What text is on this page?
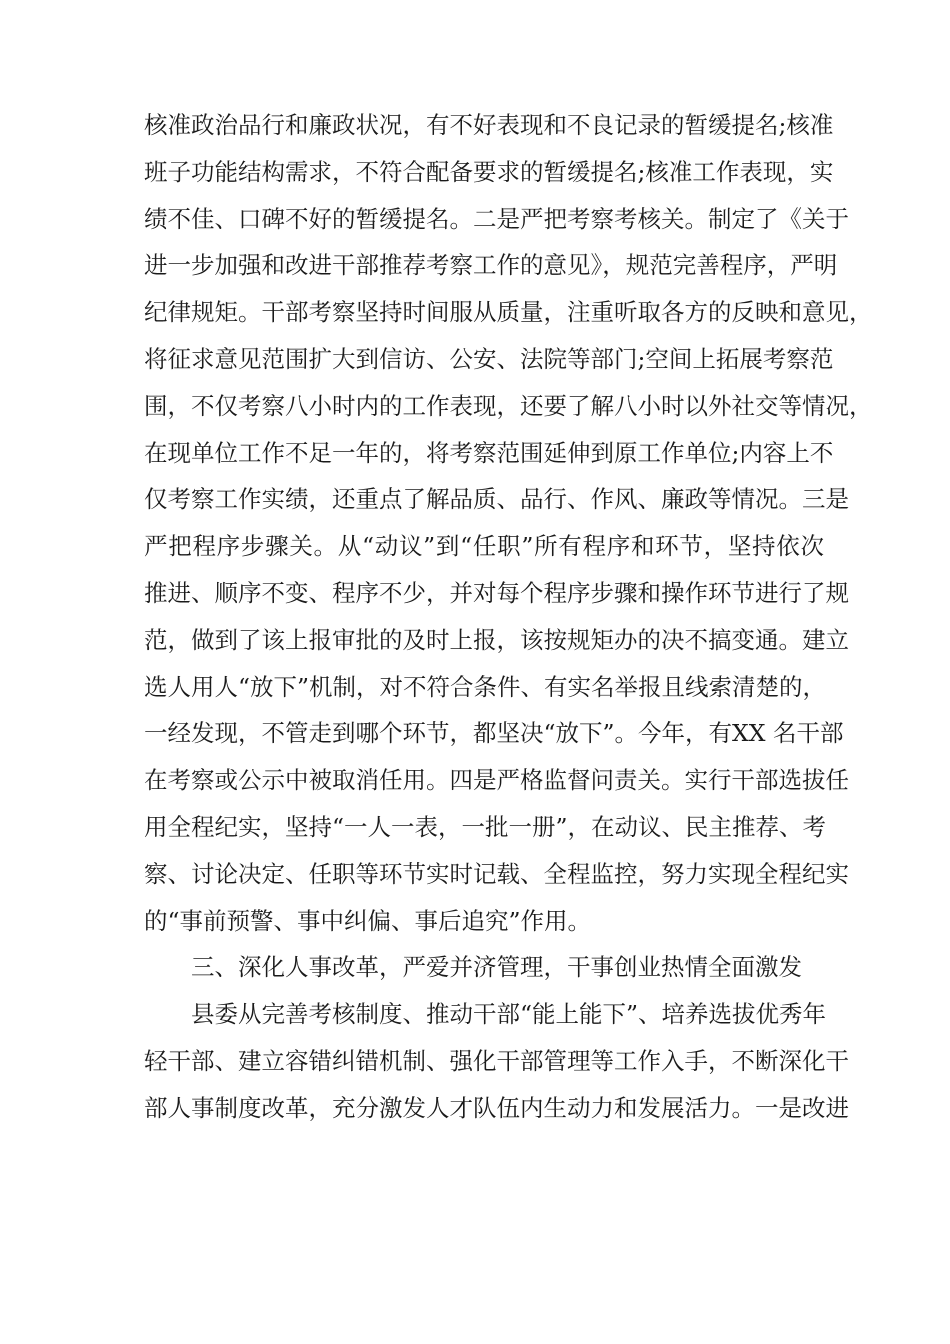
核准政治品行和廉政状况，有不好表现和不良记录的暂缓提名;核准
班子功能结构需求，不符合配备要求的暂缓提名;核准工作表现，实
绩不佳、口碑不好的暂缓提名。二是严把考察考核关。制定了《关于
进一步加强和改进干部推荐考察工作的意见》，规范完善程序，严明
纪律规矩。干部考察坚持时间服从质量，注重听取各方的反映和意见，
将征求意见范围扩大到信访、公安、法院等部门;空间上拓展考察范
围，不仅考察八小时内的工作表现，还要了解八小时以外社交等情况，
在现单位工作不足一年的，将考察范围延伸到原工作单位;内容上不
仅考察工作实绩，还重点了解品质、品行、作风、廉政等情况。三是
严把程序步骤关。从“动议”到“任职”所有程序和环节，坚持依次
推进、顺序不变、程序不少，并对每个程序步骤和操作环节进行了规
范，做到了该上报审批的及时上报，该按规矩办的决不搞变通。建立
选人用人“放下”机制，对不符合条件、有实名举报且线索清楚的，
一经发现，不管走到哪个环节，都坚决“放下”。今年，有XX 名干部
在考察或公示中被取消任用。四是严格监督问责关。实行干部选拔任
用全程纪实，坚持“一人一表，一批一册”，在动议、民主推荐、考
察、讨论决定、任职等环节实时记载、全程监控，努力实现全程纪实
的“事前预警、事中纠偏、事后追究”作用。
三、深化人事改革，严爱并济管理，干事创业热情全面激发
县委从完善考核制度、推动干部“能上能下”、培养选拔优秀年
轻干部、建立容错纠错机制、强化干部管理等工作入手，不断深化干
部人事制度改革，充分激发人才队伍内生动力和发展活力。一是改进
